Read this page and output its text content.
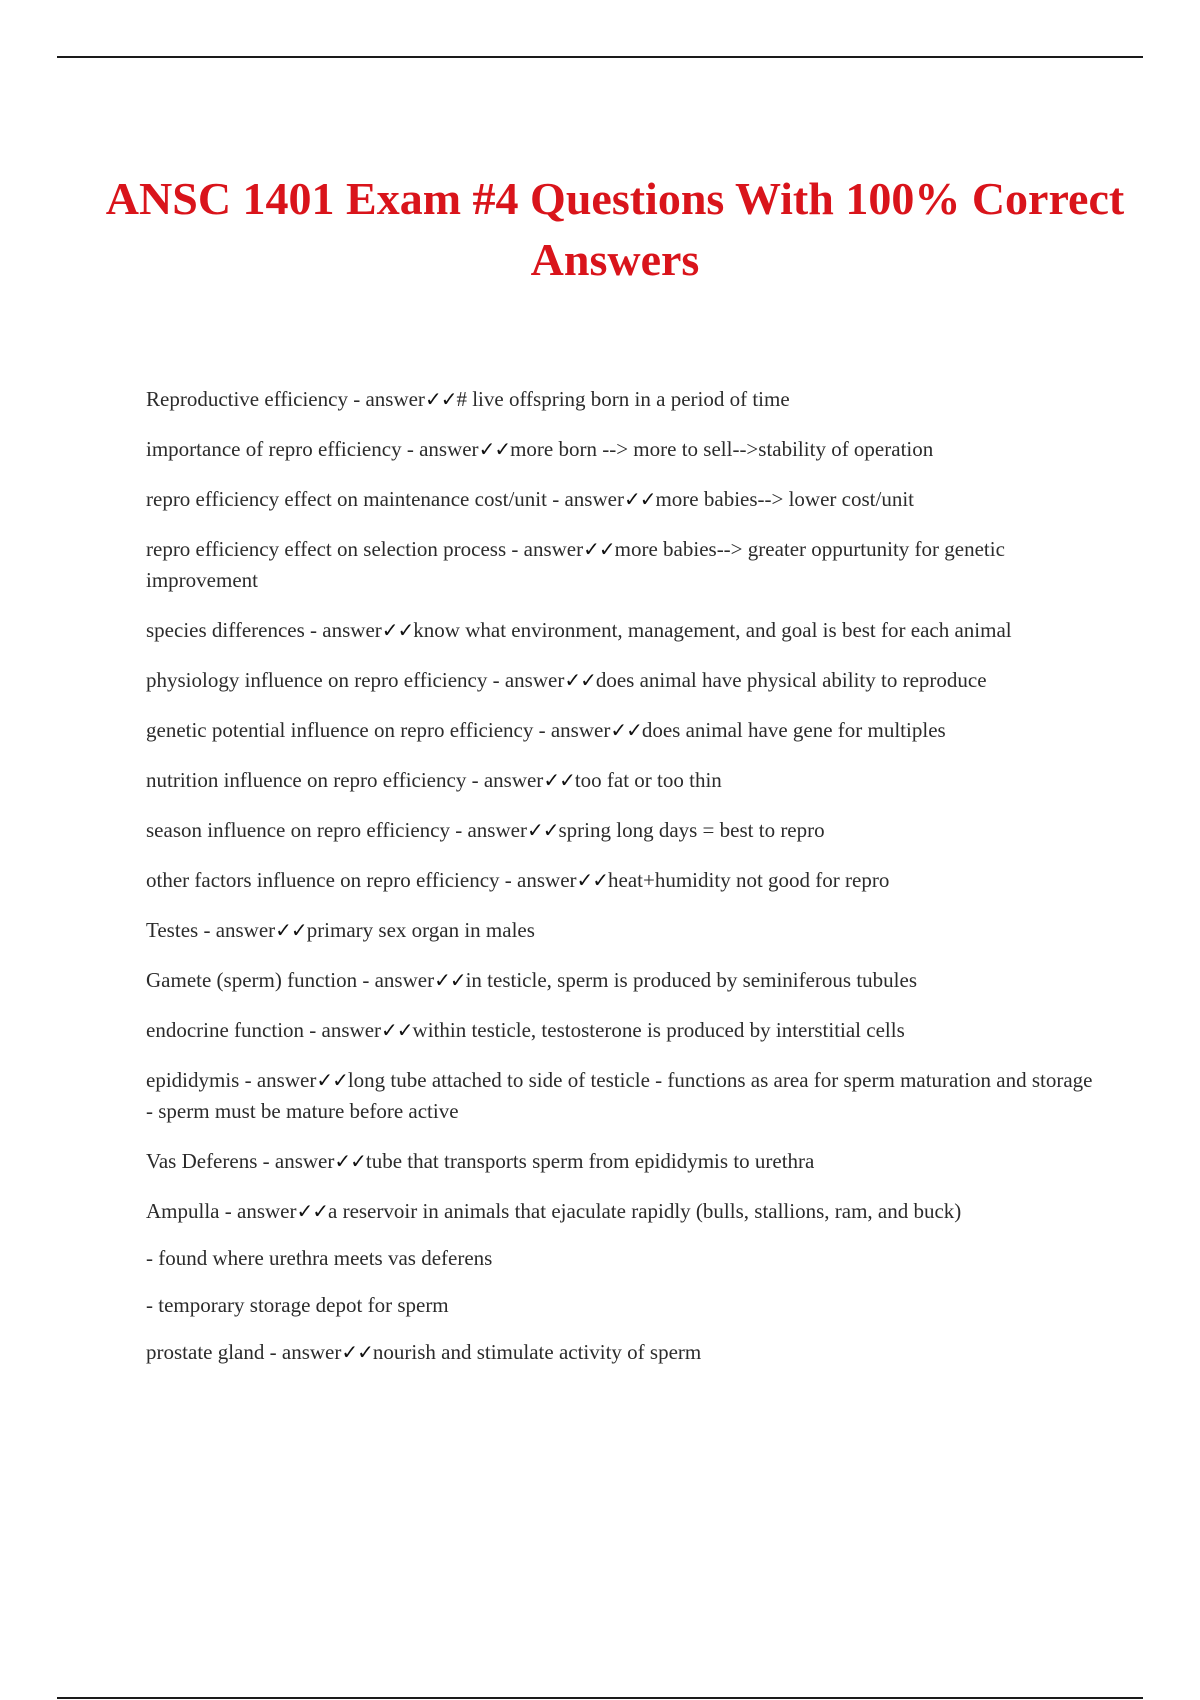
ANSC 1401 Exam #4 Questions With 100% Correct Answers
Reproductive efficiency - answer✓✓# live offspring born in a period of time
importance of repro efficiency - answer✓✓more born --> more to sell-->stability of operation
repro efficiency effect on maintenance cost/unit - answer✓✓more babies--> lower cost/unit
repro efficiency effect on selection process - answer✓✓more babies--> greater oppurtunity for genetic improvement
species differences - answer✓✓know what environment, management, and goal is best for each animal
physiology influence on repro efficiency - answer✓✓does animal have physical ability to reproduce
genetic potential influence on repro efficiency - answer✓✓does animal have gene for multiples
nutrition influence on repro efficiency - answer✓✓too fat or too thin
season influence on repro efficiency - answer✓✓spring long days = best to repro
other factors influence on repro efficiency - answer✓✓heat+humidity not good for repro
Testes - answer✓✓primary sex organ in males
Gamete (sperm) function - answer✓✓in testicle, sperm is produced by seminiferous tubules
endocrine function - answer✓✓within testicle, testosterone is produced by interstitial cells
epididymis - answer✓✓long tube attached to side of testicle - functions as area for sperm maturation and storage - sperm must be mature before active
Vas Deferens - answer✓✓tube that transports sperm from epididymis to urethra
Ampulla - answer✓✓a reservoir in animals that ejaculate rapidly (bulls, stallions, ram, and buck)
- found where urethra meets vas deferens
- temporary storage depot for sperm
prostate gland - answer✓✓nourish and stimulate activity of sperm
